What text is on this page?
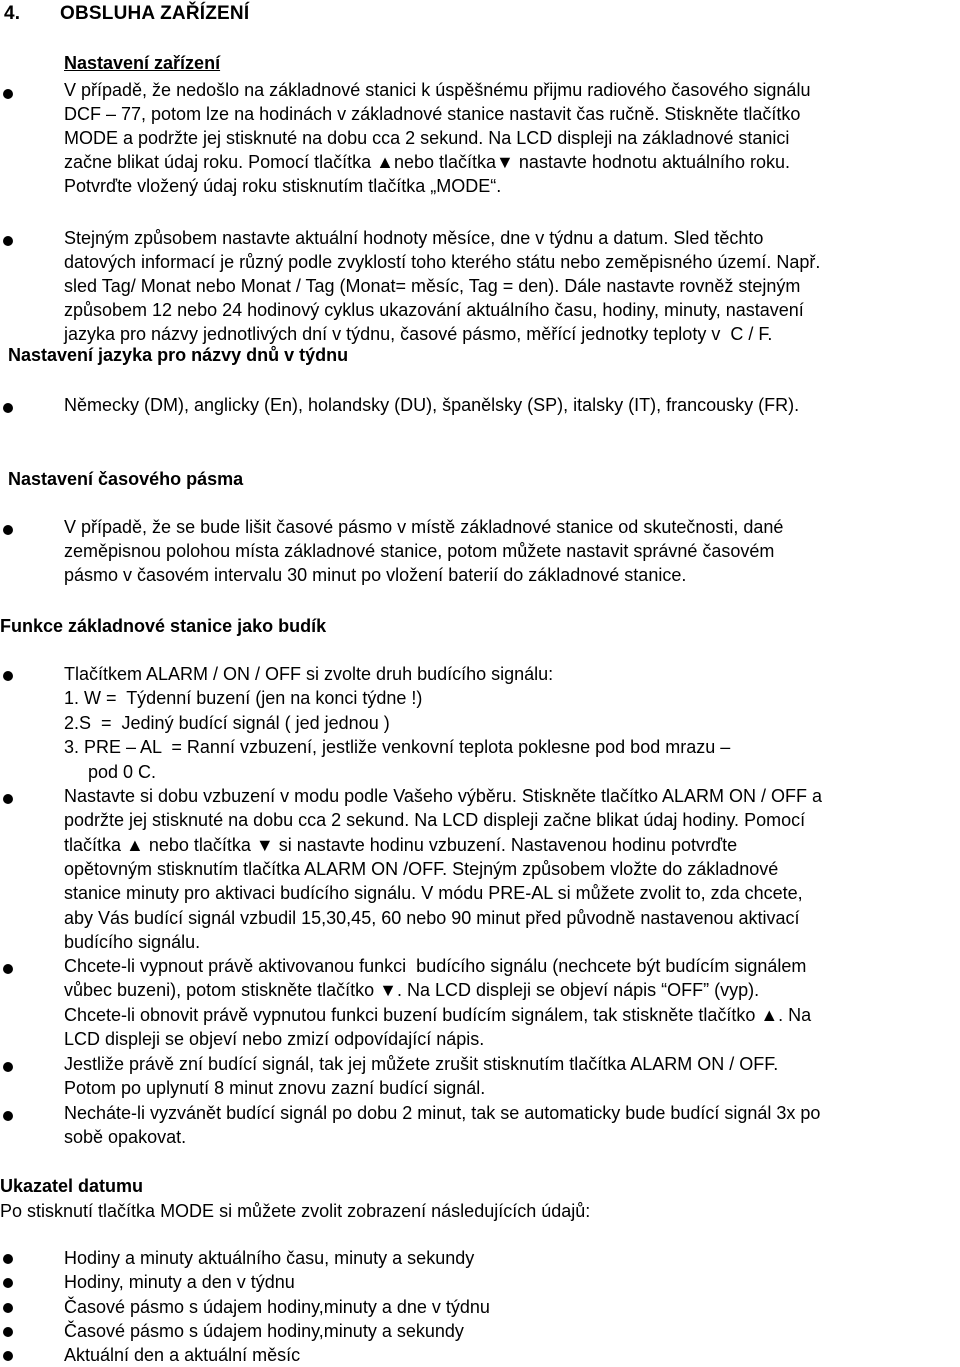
4. OBSLUHA ZAŘÍZENÍ
Nastavení zařízení
V případě, že nedošlo na základnové stanici k úspěšnému přijmu radiového časového signálu
DCF – 77, potom lze na hodinách v základnové stanice nastavit čas ručně. Stiskněte tlačítko
MODE a podržte jej stisknuté na dobu cca 2 sekund. Na LCD displeji na základnové stanici
začne blikat údaj roku. Pomocí tlačítka ▲nebo tlačítka▼ nastavte hodnotu aktuálního roku.
Potvrďte vložený údaj roku stisknutím tlačítka „MODE“.
Stejným způsobem nastavte aktuální hodnoty měsíce, dne v týdnu a datum. Sled těchto
datových informací je různý podle zvyklostí toho kterého státu nebo zeměpisného území. Např.
sled Tag/ Monat nebo Monat / Tag (Monat= měsíc, Tag = den). Dále nastavte rovněž stejným
způsobem 12 nebo 24 hodinový cyklus ukazování aktuálního času, hodiny, minuty, nastavení
jazyka pro názvy jednotlivých dní v týdnu, časové pásmo, měřící jednotky teploty v  C / F.
Nastavení jazyka pro názvy dnů v týdnu
Německy (DM), anglicky (En), holandsky (DU), španělsky (SP), italsky (IT), francousky (FR).
Nastavení časového pásma
V případě, že se bude lišit časové pásmo v místě základnové stanice od skutečnosti, dané
zeměpisnou polohou místa základnové stanice, potom můžete nastavit správné časovém
pásmo v časovém intervalu 30 minut po vložení baterií do základnové stanice.
Funkce základnové stanice jako budík
Tlačítkem ALARM / ON / OFF si zvolte druh budícího signálu:
1. W =  Týdenní buzení (jen na konci týdne !)
2.S  =  Jediný budící signál ( jed jednou )
3. PRE – AL  = Ranní vzbuzení, jestliže venkovní teplota poklesne pod bod mrazu –
pod 0 C.
Nastavte si dobu vzbuzení v modu podle Vašeho výběru. Stiskněte tlačítko ALARM ON / OFF a
podržte jej stisknuté na dobu cca 2 sekund. Na LCD displeji začne blikat údaj hodiny. Pomocí
tlačítka ▲ nebo tlačítka ▼ si nastavte hodinu vzbuzení. Nastavenou hodinu potvrďte
opětovným stisknutím tlačítka ALARM ON /OFF. Stejným způsobem vložte do základnové
stanice minuty pro aktivaci budícího signálu. V módu PRE-AL si můžete zvolit to, zda chcete,
aby Vás budící signál vzbudil 15,30,45, 60 nebo 90 minut před původně nastavenou aktivací
budícího signálu.
Chcete-li vypnout právě aktivovanou funkci  budícího signálu (nechcete být budícím signálem
vůbec buzeni), potom stiskněte tlačítko ▼. Na LCD displeji se objeví nápis “OFF” (vyp).
Chcete-li obnovit právě vypnutou funkci buzení budícím signálem, tak stiskněte tlačítko ▲. Na
LCD displeji se objeví nebo zmizí odpovídající nápis.
Jestliže právě zní budící signál, tak jej můžete zrušit stisknutím tlačítka ALARM ON / OFF.
Potom po uplynutí 8 minut znovu zazní budící signál.
Necháte-li vyzvánět budící signál po dobu 2 minut, tak se automaticky bude budící signál 3x po
sobě opakovat.
Ukazatel datumu
Po stisknutí tlačítka MODE si můžete zvolit zobrazení následujících údajů:
Hodiny a minuty aktuálního času, minuty a sekundy
Hodiny, minuty a den v týdnu
Časové pásmo s údajem hodiny,minuty a dne v týdnu
Časové pásmo s údajem hodiny,minuty a sekundy
Aktuální den a aktuální měsíc
